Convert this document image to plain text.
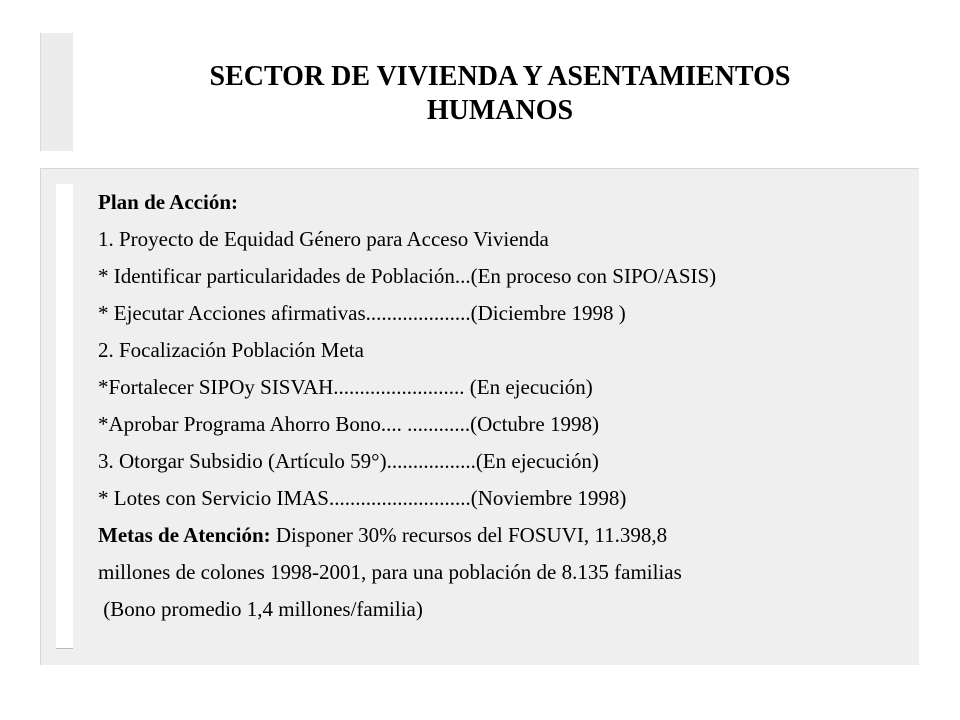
SECTOR DE VIVIENDA Y ASENTAMIENTOS
HUMANOS
Plan de Acción:
1. Proyecto de Equidad Género para Acceso Vivienda
* Identificar particularidades de Población...(En proceso con SIPO/ASIS)
* Ejecutar Acciones afirmativas....................(Diciembre 1998 )
2. Focalización Población Meta
*Fortalecer SIPOy SISVAH......................... (En ejecución)
*Aprobar Programa Ahorro Bono.... ............(Octubre 1998)
3. Otorgar Subsidio (Artículo 59°).................(En ejecución)
* Lotes con Servicio IMAS...........................(Noviembre 1998)
Metas de Atención: Disponer 30% recursos del FOSUVI, 11.398,8
millones de colones 1998-2001, para una población de 8.135 familias
(Bono promedio 1,4 millones/familia)
